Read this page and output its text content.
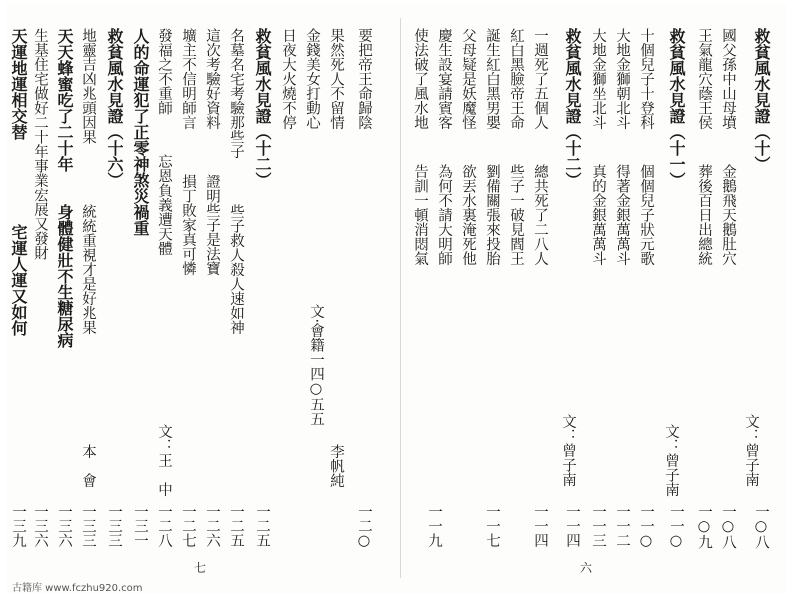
救貧風水見證（十）
文：曾子南
一○八
國父孫中山母墳
金鵝飛天鵝肚穴
一○八
王氣龍穴蔭王侯
葬後百日出總統
一○九
救貧風水見證（十一）
文：曾子南
一一○
十個兒子十登科
個個兒子狀元歌
一一○
大地金獅朝北斗
得著金銀萬萬斗
一一二
大地金獅坐北斗
真的金銀萬萬斗
一一三
救貧風水見證（十二）
文：曾子南
一一四
一週死了五個人
總共死了二八人
一一四
紅白黑臉帝王命
些子一破見閻王
誕生紅白黑男嬰
劉備關張來投胎
一一七
父母疑是妖魔怪
欲丟水裏淹死他
慶生設宴請賓客
為何不請大明師
使法破了風水地
告訓一頓消悶氣
一一九
六
要把帝王命歸陰
一二○
果然死人不留情
李帆純
金錢美女打動心
日夜大火燒不停
救貧風水見證（十二）
文‧會籍一四○五五
一二五
名墓名宅考驗那些子
些子救人殺人速如神
一二五
這次考驗好資料
證明些子是法寶
一二六
壙主不信明師言
損丁敗家真可憐
一二七
發福之不重師
忘恩負義遭天體
一二八
人的命運犯了正零神煞災禍重
一三一
救貧風水見證（十六）
文：王　中
一三三
地靈吉凶兆頭因果
統統重視才是好兆果
一三三
天天蜂蜜吃了二十年
身體健壯不生糖尿病
本　會
一三六
生基住宅做好二十年事業宏展又發財
一三六
天運地運相交替
宅運人運又如何
一三九
七
古籍库 www.fczhu920.com
